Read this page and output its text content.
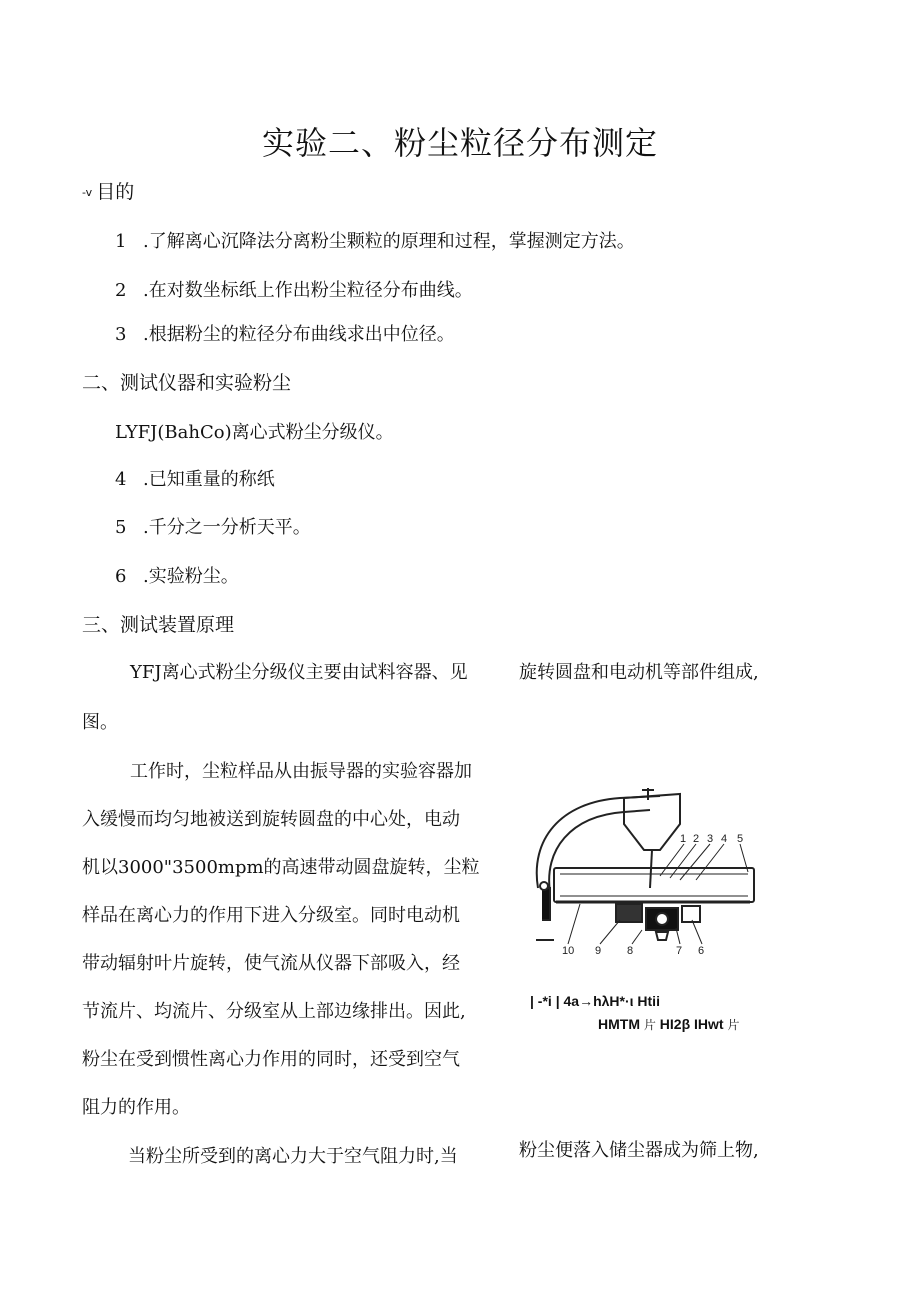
实验二、粉尘粒径分布测定
-v 目的
1 .了解离心沉降法分离粉尘颗粒的原理和过程，掌握测定方法。
2 .在对数坐标纸上作出粉尘粒径分布曲线。
3 .根据粉尘的粒径分布曲线求出中位径。
二、测试仪器和实验粉尘
LYFJ(BahCo)离心式粉尘分级仪。
4 .已知重量的称纸
5 .千分之一分析天平。
6 .实验粉尘。
三、测试装置原理
YFJ离心式粉尘分级仪主要由试料容器、见	旋转圆盘和电动机等部件组成,
图。
工作时，尘粒样品从由振导器的实验容器加
入缓慢而均匀地被送到旋转圆盘的中心处，电动
机以3000"3500mpm的高速带动圆盘旋转，尘粒
样品在离心力的作用下进入分级室。同时电动机
带动辐射叶片旋转，使气流从仪器下部吸入，经
节流片、均流片、分级室从上部边缘排出。因此,
粉尘在受到惯性离心力作用的同时，还受到空气
阻力的作用。
当粉尘所受到的离心力大于空气阻力时,当	粉尘便落入储尘器成为筛上物,
1 2 3 4 5
6
7
8
9
10
| -*i | 4a→hλH*·ι Htii
HMTM 片 HI2β IHwt 片
